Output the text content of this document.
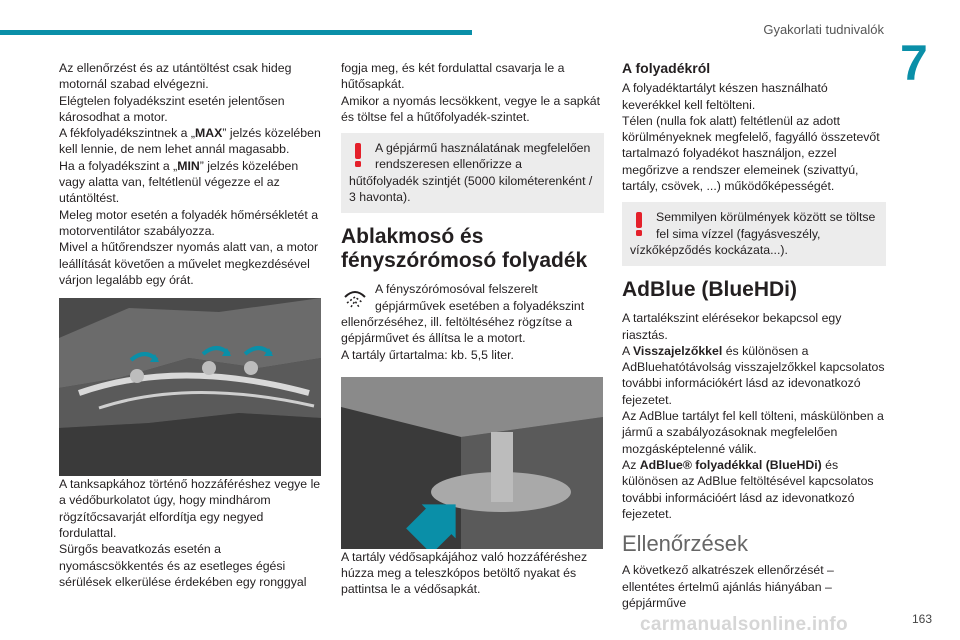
Gyakorlati tudnivalók
7

Az ellenőrzést és az utántöltést csak hideg motornál szabad elvégezni.

Elégtelen folyadékszint esetén jelentősen károsodhat a motor.

A fékfolyadékszintnek a „MAX” jelzés közelében kell lennie, de nem lehet annál magasabb.

Ha a folyadékszint a „MIN” jelzés közelében vagy alatta van, feltétlenül végezze el az utántöltést.

Meleg motor esetén a folyadék hőmérsékletét a motorventilátor szabályozza.

Mivel a hűtőrendszer nyomás alatt van, a motor leállítását követően a művelet megkezdésével várjon legalább egy órát.

A tanksapkához történő hozzáféréshez vegye le a védőburkolatot úgy, hogy mindhárom rögzítőcsavarját elfordítja egy negyed fordulattal.

Sürgős beavatkozás esetén a nyomáscsökkentés és az esetleges égési sérülések elkerülése érdekében egy ronggyal

fogja meg, és két fordulattal csavarja le a hűtősapkát.

Amikor a nyomás lecsökkent, vegye le a sapkát és töltse fel a hűtőfolyadék-szintet.

A gépjármű használatának megfelelően rendszeresen ellenőrizze a hűtőfolyadék szintjét (5000 kilométerenként / 3 havonta).
Ablakmosó és fényszórómosó folyadék
A fényszórómosóval felszerelt gépjárművek esetében a folyadékszint ellenőrzéséhez, ill. feltöltéséhez rögzítse a gépjárművet és állítsa le a motort.

A tartály űrtartalma: kb. 5,5 liter.

A tartály védősapkájához való hozzáféréshez húzza meg a teleszkópos betöltő nyakat és pattintsa le a védősapkát.

A folyadékról

A folyadéktartályt készen használható keverékkel kell feltölteni.

Télen (nulla fok alatt) feltétlenül az adott körülményeknek megfelelő, fagyálló összetevőt tartalmazó folyadékot használjon, ezzel megőrizve a rendszer elemeinek (szivattyú, tartály, csövek, ...) működőképességét.

Semmilyen körülmények között se töltse fel sima vízzel (fagyásveszély, vízkőképződés kockázata...).
AdBlue (BlueHDi)

A tartalékszint elérésekor bekapcsol egy riasztás.

A Visszajelzőkkel és különösen a AdBluehatótávolság visszajelzőkkel kapcsolatos további információkért lásd az idevonatkozó fejezetet.

Az AdBlue tartályt fel kell tölteni, máskülönben a jármű a szabályozásoknak megfelelően mozgásképtelenné válik.

Az AdBlue® folyadékkal (BlueHDi) és különösen az AdBlue feltöltésével kapcsolatos további információért lásd az idevonatkozó fejezetet.

Ellenőrzések

A következő alkatrészek ellenőrzését – ellentétes értelmű ajánlás hiányában – gépjárműve

carmanualsonline.info	163
